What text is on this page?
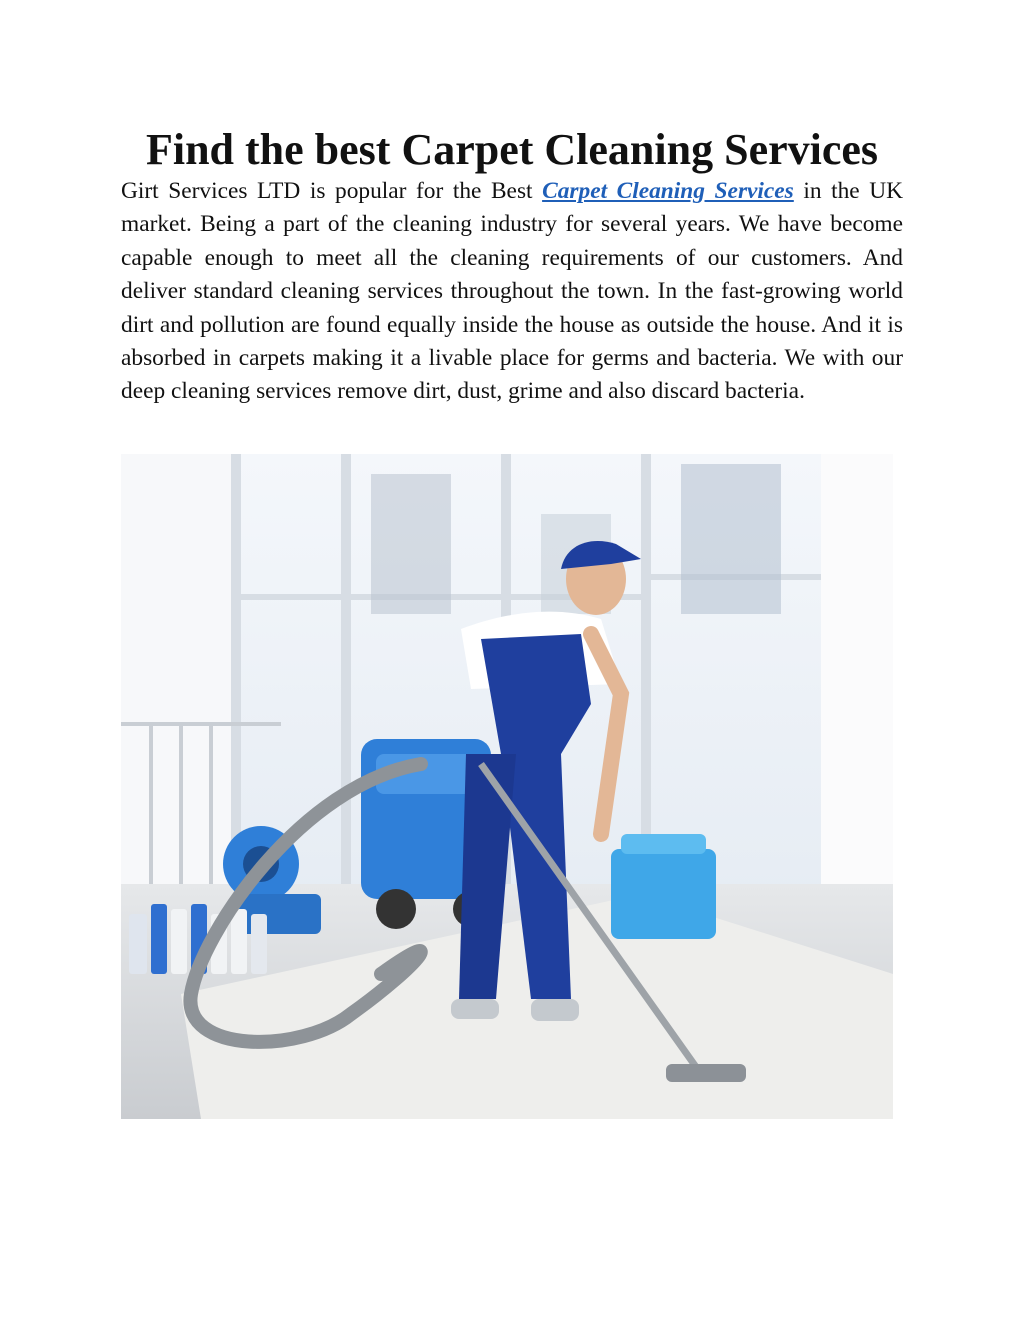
Find the best Carpet Cleaning Services

Girt Services LTD is popular for the Best Carpet Cleaning Services in the UK market. Being a part of the cleaning industry for several years. We have become capable enough to meet all the cleaning requirements of our customers. And deliver standard cleaning services throughout the town. In the fast-growing world dirt and pollution are found equally inside the house as outside the house. And it is absorbed in carpets making it a livable place for germs and bacteria. We with our deep cleaning services remove dirt, dust, grime and also discard bacteria.
